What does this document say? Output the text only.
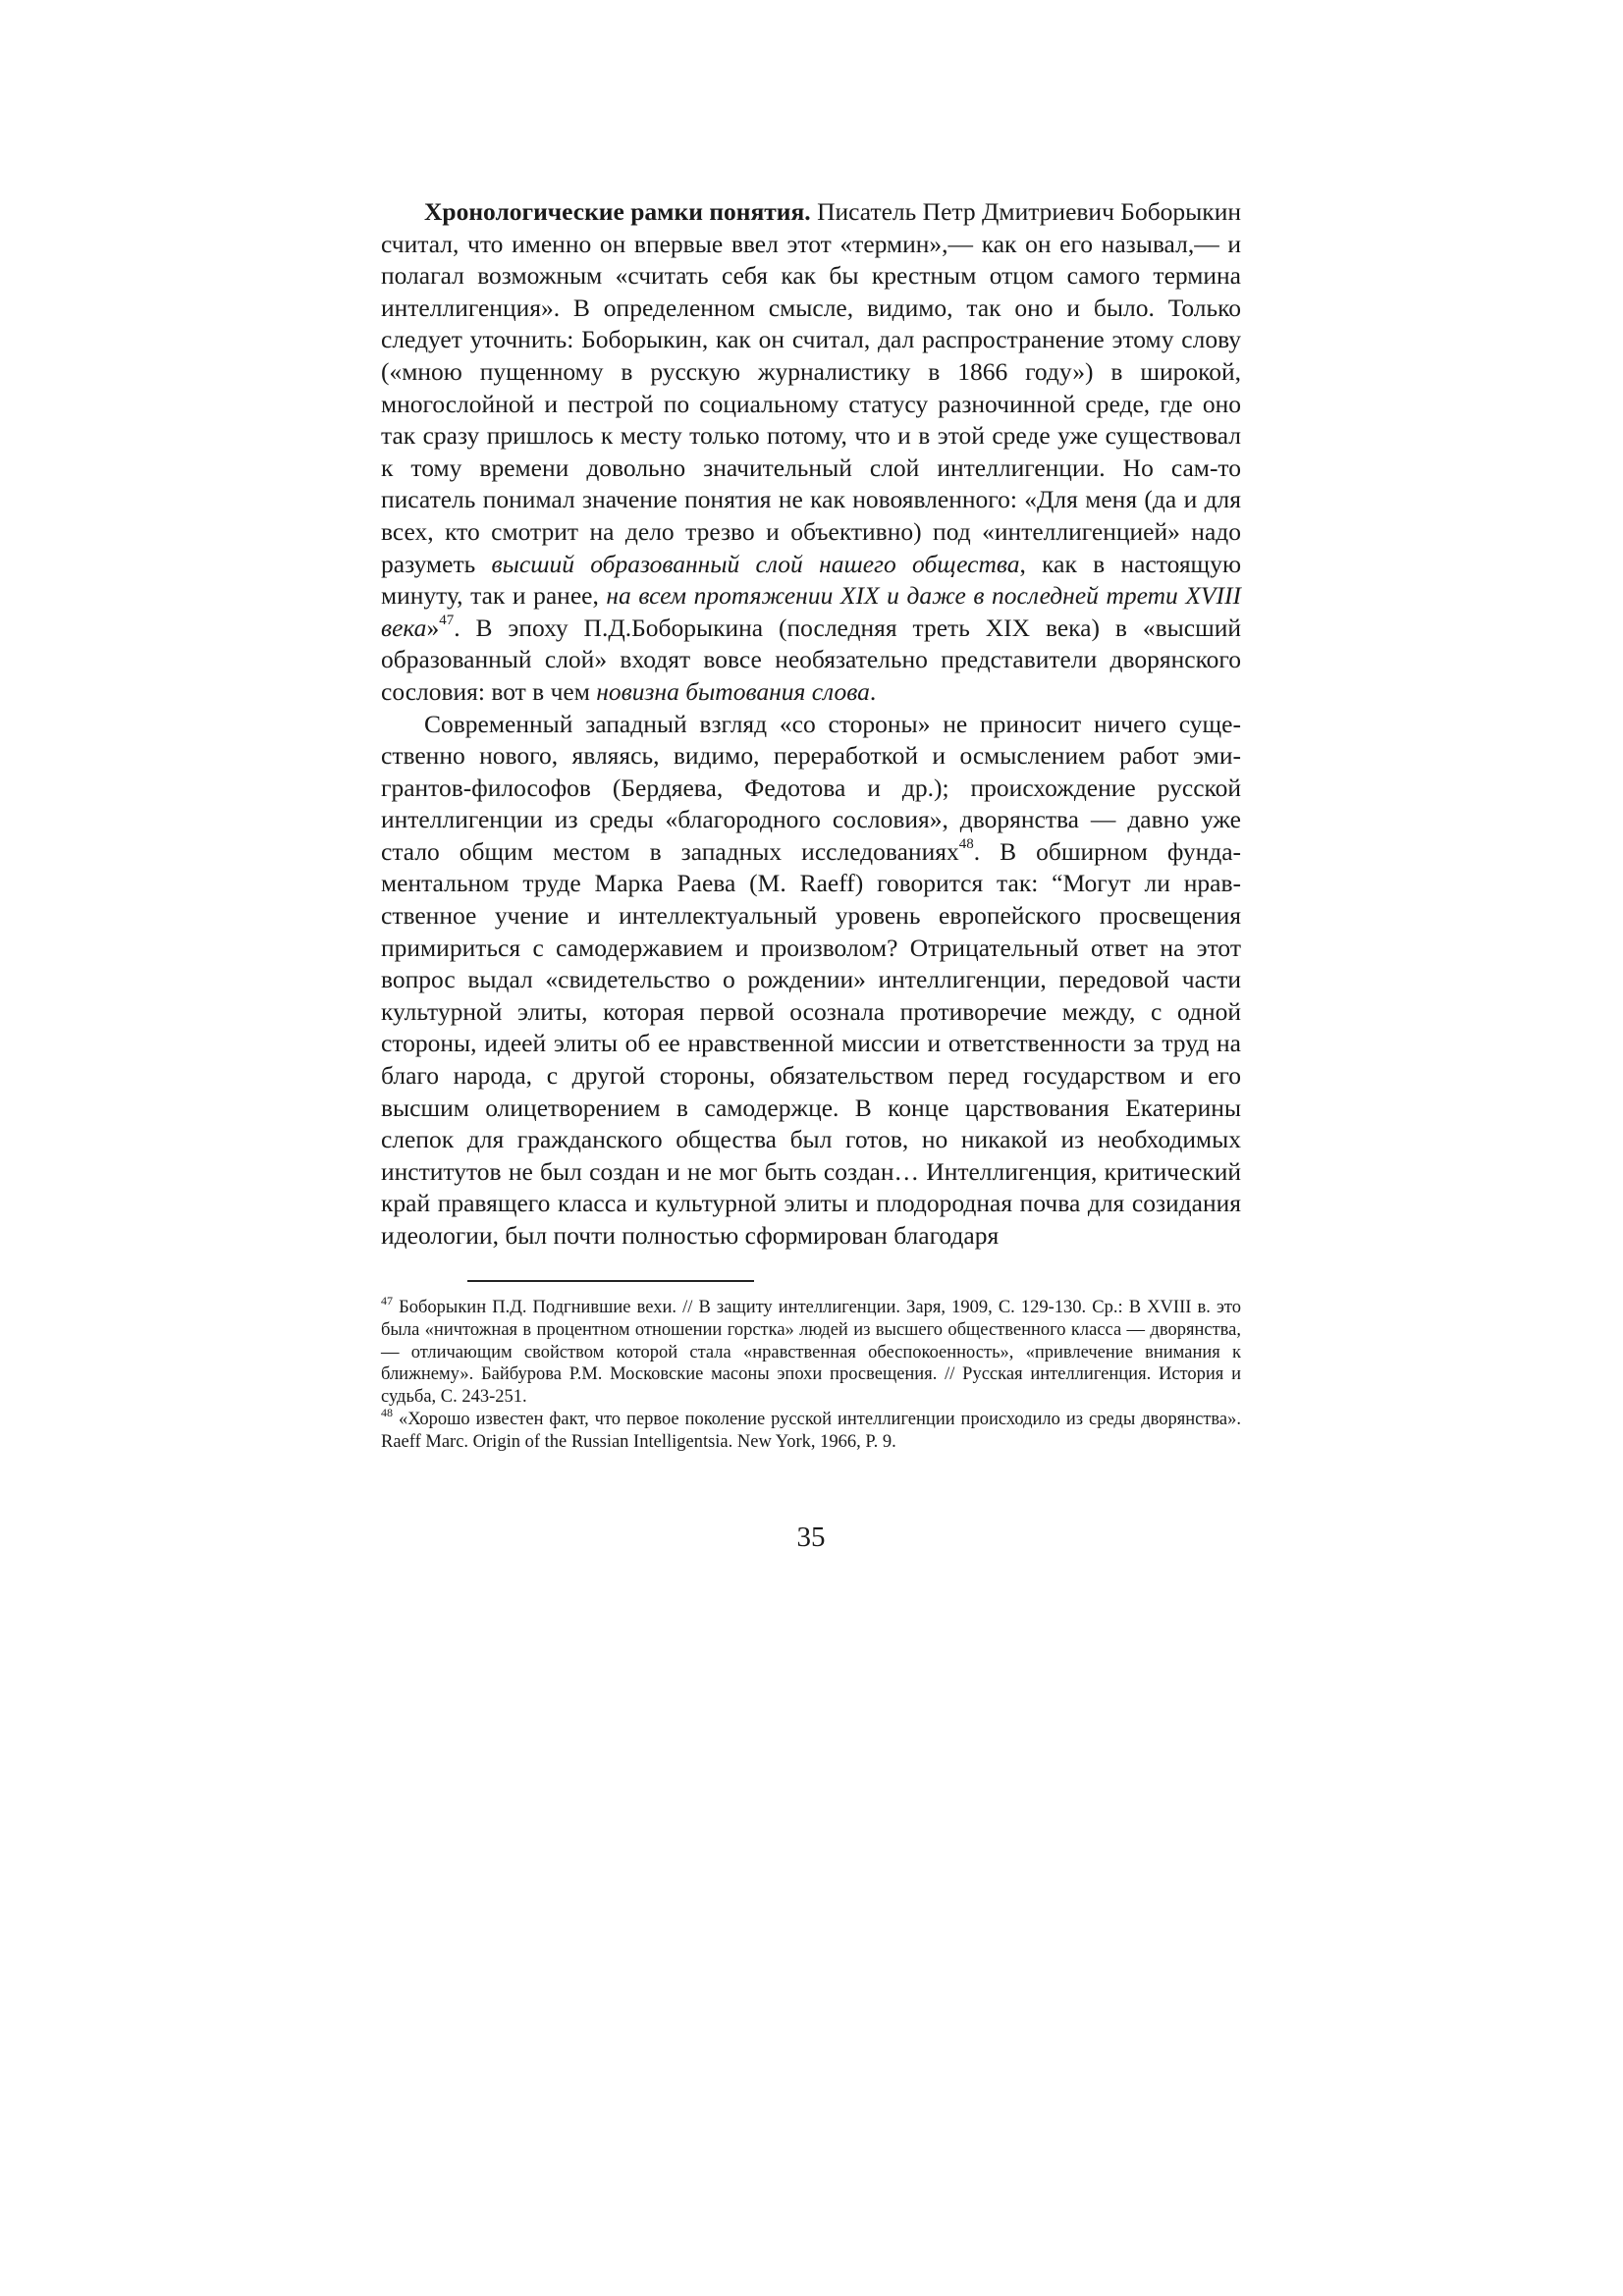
Хронологические рамки понятия. Писатель Петр Дмитриевич Боборыкин считал, что именно он впервые ввел этот «термин»,— как он его называл,— и полагал возможным «считать себя как бы крестным отцом самого термина интеллигенция». В определенном смысле, видимо, так оно и было. Только следует уточнить: Боборыкин, как он считал, дал распространение этому слову («мною пущенному в русскую журналистику в 1866 году») в широкой, многослойной и пестрой по социальному статусу разночинной среде, где оно так сразу пришлось к месту только потому, что и в этой среде уже существовал к тому времени довольно значительный слой интеллигенции. Но сам-то писатель понимал значение понятия не как новоявленного: «Для меня (да и для всех, кто смотрит на дело трезво и объективно) под «интеллигенцией» надо разуметь высший образованный слой нашего общества, как в настоящую минуту, так и ранее, на всем протяжении XIX и даже в последней трети XVIII века»$^{47}$. В эпоху П.Д.Боборыкина (последняя треть XIX века) в «высший образованный слой» входят вовсе необязательно представители дворянского сословия: вот в чем новизна бытования слова.

Современный западный взгляд «со стороны» не приносит ничего существенно нового, являясь, видимо, переработкой и осмыслением работ эмигрантов-философов (Бердяева, Федотова и др.); происхождение русской интеллигенции из среды «благородного сословия», дворянства — давно уже стало общим местом в западных исследованиях$^{48}$. В обширном фундаментальном труде Марка Раева (M. Raeff) говорится так: “Могут ли нравственное учение и интеллектуальный уровень европейского просвещения примириться с самодержавием и произволом? Отрицательный ответ на этот вопрос выдал «свидетельство о рождении» интеллигенции, передовой части культурной элиты, которая первой осознала противоречие между, с одной стороны, идеей элиты об ее нравственной миссии и ответственности за труд на благо народа, с другой стороны, обязательством перед государством и его высшим олицетворением в самодержце. В конце царствования Екатерины слепок для гражданского общества был готов, но никакой из необходимых институтов не был создан и не мог быть создан… Интеллигенция, критический край правящего класса и культурной элиты и плодородная почва для созидания идеологии, был почти полностью сформирован благодаря

$^{47}$ Боборыкин П.Д. Подгнившие вехи. // В защиту интеллигенции. Заря, 1909, С. 129-130. Ср.: В XVIII в. это была «ничтожная в процентном отношении горстка» людей из высшего общественного класса — дворянства,— отличающим свойством которой стала «нравственная обеспокоенность», «привлечение внимания к ближнему». Байбурова Р.М. Московские масоны эпохи просвещения. // Русская интеллигенция. История и судьба, С. 243-251.

$^{48}$ «Хорошо известен факт, что первое поколение русской интеллигенции происходило из среды дворянства». Raeff Marc. Origin of the Russian Intelligentsia. New York, 1966, P. 9.

35
